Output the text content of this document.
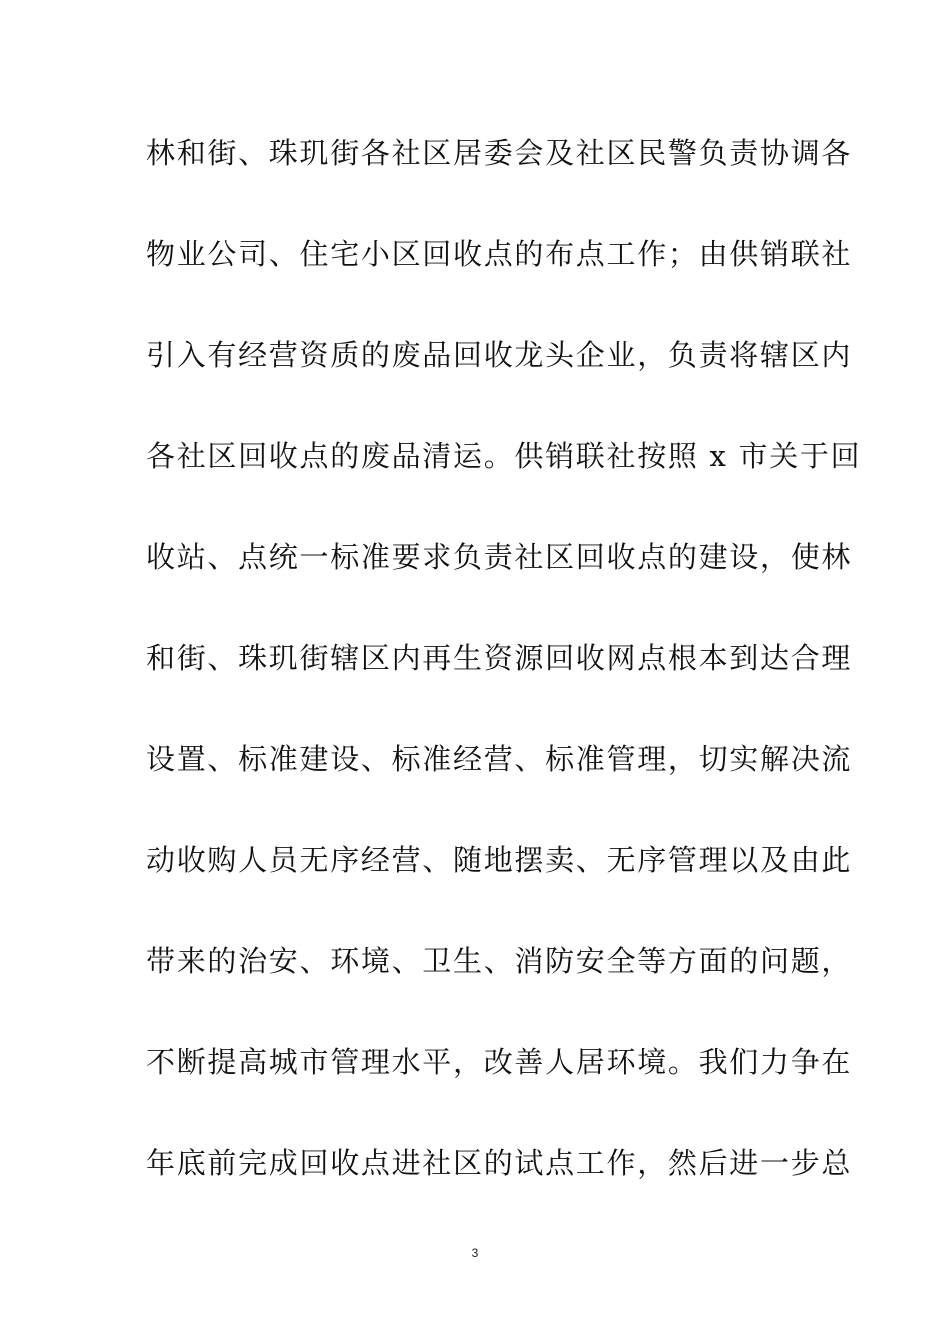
林和街、珠玑街各社区居委会及社区民警负责协调各
物业公司、住宅小区回收点的布点工作；由供销联社
引入有经营资质的废品回收龙头企业，负责将辖区内
各社区回收点的废品清运。供销联社按照 x 市关于回
收站、点统一标准要求负责社区回收点的建设，使林
和街、珠玑街辖区内再生资源回收网点根本到达合理
设置、标准建设、标准经营、标准管理，切实解决流
动收购人员无序经营、随地摆卖、无序管理以及由此
带来的治安、环境、卫生、消防安全等方面的问题，
不断提高城市管理水平，改善人居环境。我们力争在
年底前完成回收点进社区的试点工作，然后进一步总
3
